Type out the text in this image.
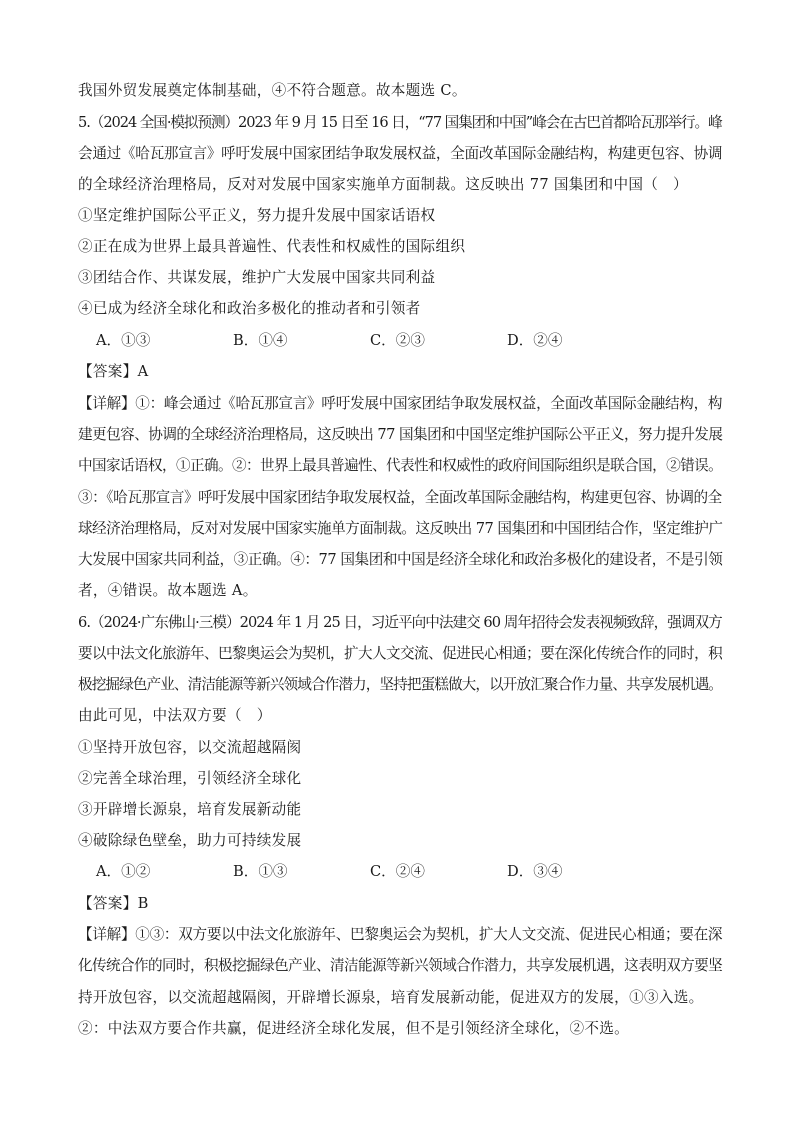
我国外贸发展奠定体制基础，④不符合题意。故本题选 C。
5.（2024 全国·模拟预测）2023 年 9 月 15 日至 16 日，“77 国集团和中国”峰会在古巴首都哈瓦那举行。峰
会通过《哈瓦那宣言》呼吁发展中国家团结争取发展权益，全面改革国际金融结构，构建更包容、协调
的全球经济治理格局，反对对发展中国家实施单方面制裁。这反映出 77 国集团和中国（　）
①坚定维护国际公平正义，努力提升发展中国家话语权
②正在成为世界上最具普遍性、代表性和权威性的国际组织
③团结合作、共谋发展，维护广大发展中国家共同利益
④已成为经济全球化和政治多极化的推动者和引领者
A．①③	B．①④	C．②③	D．②④
【答案】A
【详解】①：峰会通过《哈瓦那宣言》呼吁发展中国家团结争取发展权益，全面改革国际金融结构，构
建更包容、协调的全球经济治理格局，这反映出 77 国集团和中国坚定维护国际公平正义，努力提升发展
中国家话语权，①正确。②：世界上最具普遍性、代表性和权威性的政府间国际组织是联合国，②错误。
③：《哈瓦那宣言》呼吁发展中国家团结争取发展权益，全面改革国际金融结构，构建更包容、协调的全
球经济治理格局，反对对发展中国家实施单方面制裁。这反映出 77 国集团和中国团结合作，坚定维护广
大发展中国家共同利益，③正确。④：77 国集团和中国是经济全球化和政治多极化的建设者，不是引领
者，④错误。故本题选 A。
6.（2024·广东佛山·三模）2024 年 1 月 25 日，习近平向中法建交 60 周年招待会发表视频致辞，强调双方
要以中法文化旅游年、巴黎奥运会为契机，扩大人文交流、促进民心相通；要在深化传统合作的同时，积
极挖掘绿色产业、清洁能源等新兴领域合作潜力，坚持把蛋糕做大，以开放汇聚合作力量、共享发展机遇。
由此可见，中法双方要（　）
①坚持开放包容，以交流超越隔阂
②完善全球治理，引领经济全球化
③开辟增长源泉，培育发展新动能
④破除绿色壁垒，助力可持续发展
A．①②	B．①③	C．②④	D．③④
【答案】B
【详解】①③：双方要以中法文化旅游年、巴黎奥运会为契机，扩大人文交流、促进民心相通；要在深
化传统合作的同时，积极挖掘绿色产业、清洁能源等新兴领域合作潜力，共享发展机遇，这表明双方要坚
持开放包容，以交流超越隔阂，开辟增长源泉，培育发展新动能，促进双方的发展，①③入选。
②：中法双方要合作共赢，促进经济全球化发展，但不是引领经济全球化，②不选。
